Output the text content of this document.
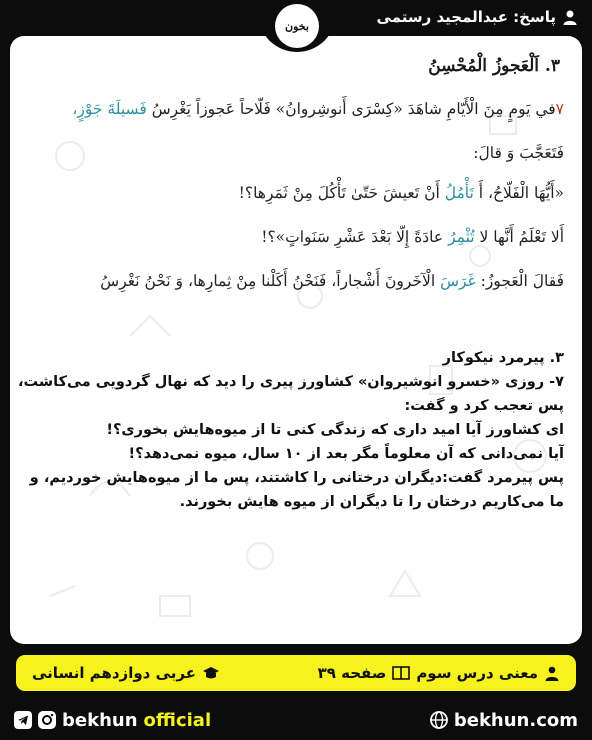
پاسخ: عبدالمجید رستمی
بخون
٣. اَلْعَجوزُ الْمُحْسِنُ
٧في يَومٍ مِنَ الْأَيّامِ شاهَدَ «كِسْرَى أَنوشِروانُ» فَلّاحاً عَجوزاً يَغْرِسُ فَسيلَةَ جَوْزٍ،
فَتَعَجَّبَ وَ قالَ:
«أَيُّهَا الْفَلّاحُ، أَ تَأْمُلُ أَنْ تَعيشَ حَتّىٰ تَأْكُلَ مِنْ ثَمَرِها؟!
أَلا تَعْلَمُ أَنَّها لا تُثْمِرُ عادَةً إِلّا بَعْدَ عَشْرِ سَنَواتٍ»؟!
فَقالَ الْعَجوزُ: غَرَسَ الْآخَرونَ أَشْجاراً، فَنَحْنُ أَكَلْنا مِنْ ثِمارِها، وَ نَحْنُ نَغْرِسُ
٣. پیرمرد نیکوکار
٧- روزی «خسرو انوشیروان» کشاورز پیری را دید که نهال گردویی می‌کاشت،
پس تعجب کرد و گفت:
ای کشاورز آیا امید داری که زندگی کنی تا از میوه‌هایش بخوری؟!
آیا نمی‌دانی که آن معلوماً مگر بعد از ۱۰ سال، میوه نمی‌دهد؟!
پس پیرمرد گفت:دیگران درختانی را کاشتند، پس ما از میوه‌هایش خوردیم، و
ما می‌کاریم درختان را تا دیگران از میوه هایش بخورند.
معنی درس سوم
صفحه ۳۹
عربی دوازدهم انسانی
bekhun official	bekhun.com
